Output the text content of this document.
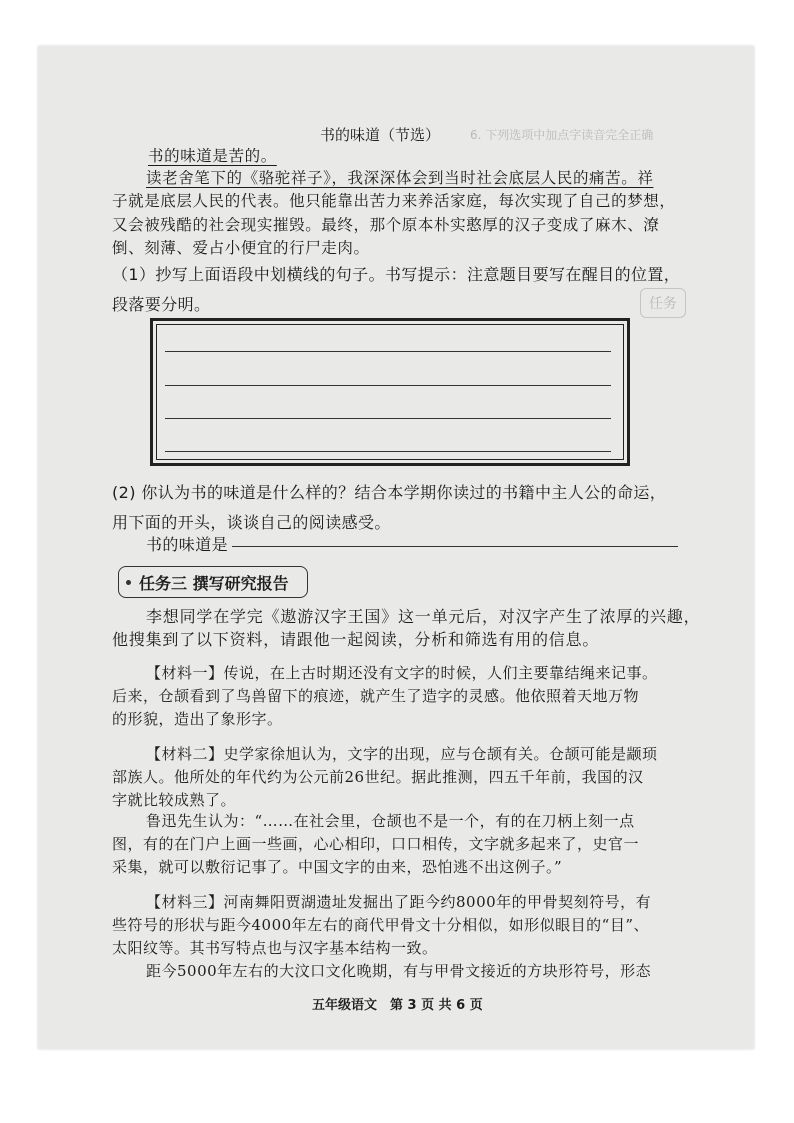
6. 下列选项中加点字读音完全正确
任务
书的味道（节选）
书的味道是苦的。
读老舍笔下的《骆驼祥子》，我深深体会到当时社会底层人民的痛苦。祥
子就是底层人民的代表。他只能靠出苦力来养活家庭，每次实现了自己的梦想，
又会被残酷的社会现实摧毁。最终，那个原本朴实憨厚的汉子变成了麻木、潦
倒、刻薄、爱占小便宜的行尸走肉。
（1）抄写上面语段中划横线的句子。书写提示：注意题目要写在醒目的位置，
段落要分明。
(2) 你认为书的味道是什么样的？结合本学期你读过的书籍中主人公的命运，
用下面的开头，谈谈自己的阅读感受。
书的味道是
任务三 撰写研究报告
李想同学在学完《遨游汉字王国》这一单元后，对汉字产生了浓厚的兴趣，
他搜集到了以下资料，请跟他一起阅读，分析和筛选有用的信息。
【材料一】传说，在上古时期还没有文字的时候，人们主要靠结绳来记事。
后来，仓颉看到了鸟兽留下的痕迹，就产生了造字的灵感。他依照着天地万物
的形貌，造出了象形字。
【材料二】史学家徐旭认为，文字的出现，应与仓颉有关。仓颉可能是颛顼
部族人。他所处的年代约为公元前26世纪。据此推测，四五千年前，我国的汉
字就比较成熟了。
鲁迅先生认为：“……在社会里，仓颉也不是一个，有的在刀柄上刻一点
图，有的在门户上画一些画，心心相印，口口相传，文字就多起来了，史官一
采集，就可以敷衍记事了。中国文字的由来，恐怕逃不出这例子。”
【材料三】河南舞阳贾湖遗址发掘出了距今约8000年的甲骨契刻符号，有
些符号的形状与距今4000年左右的商代甲骨文十分相似，如形似眼目的“目”、
太阳纹等。其书写特点也与汉字基本结构一致。
距今5000年左右的大汶口文化晚期，有与甲骨文接近的方块形符号，形态
五年级语文　第 3 页 共 6 页
